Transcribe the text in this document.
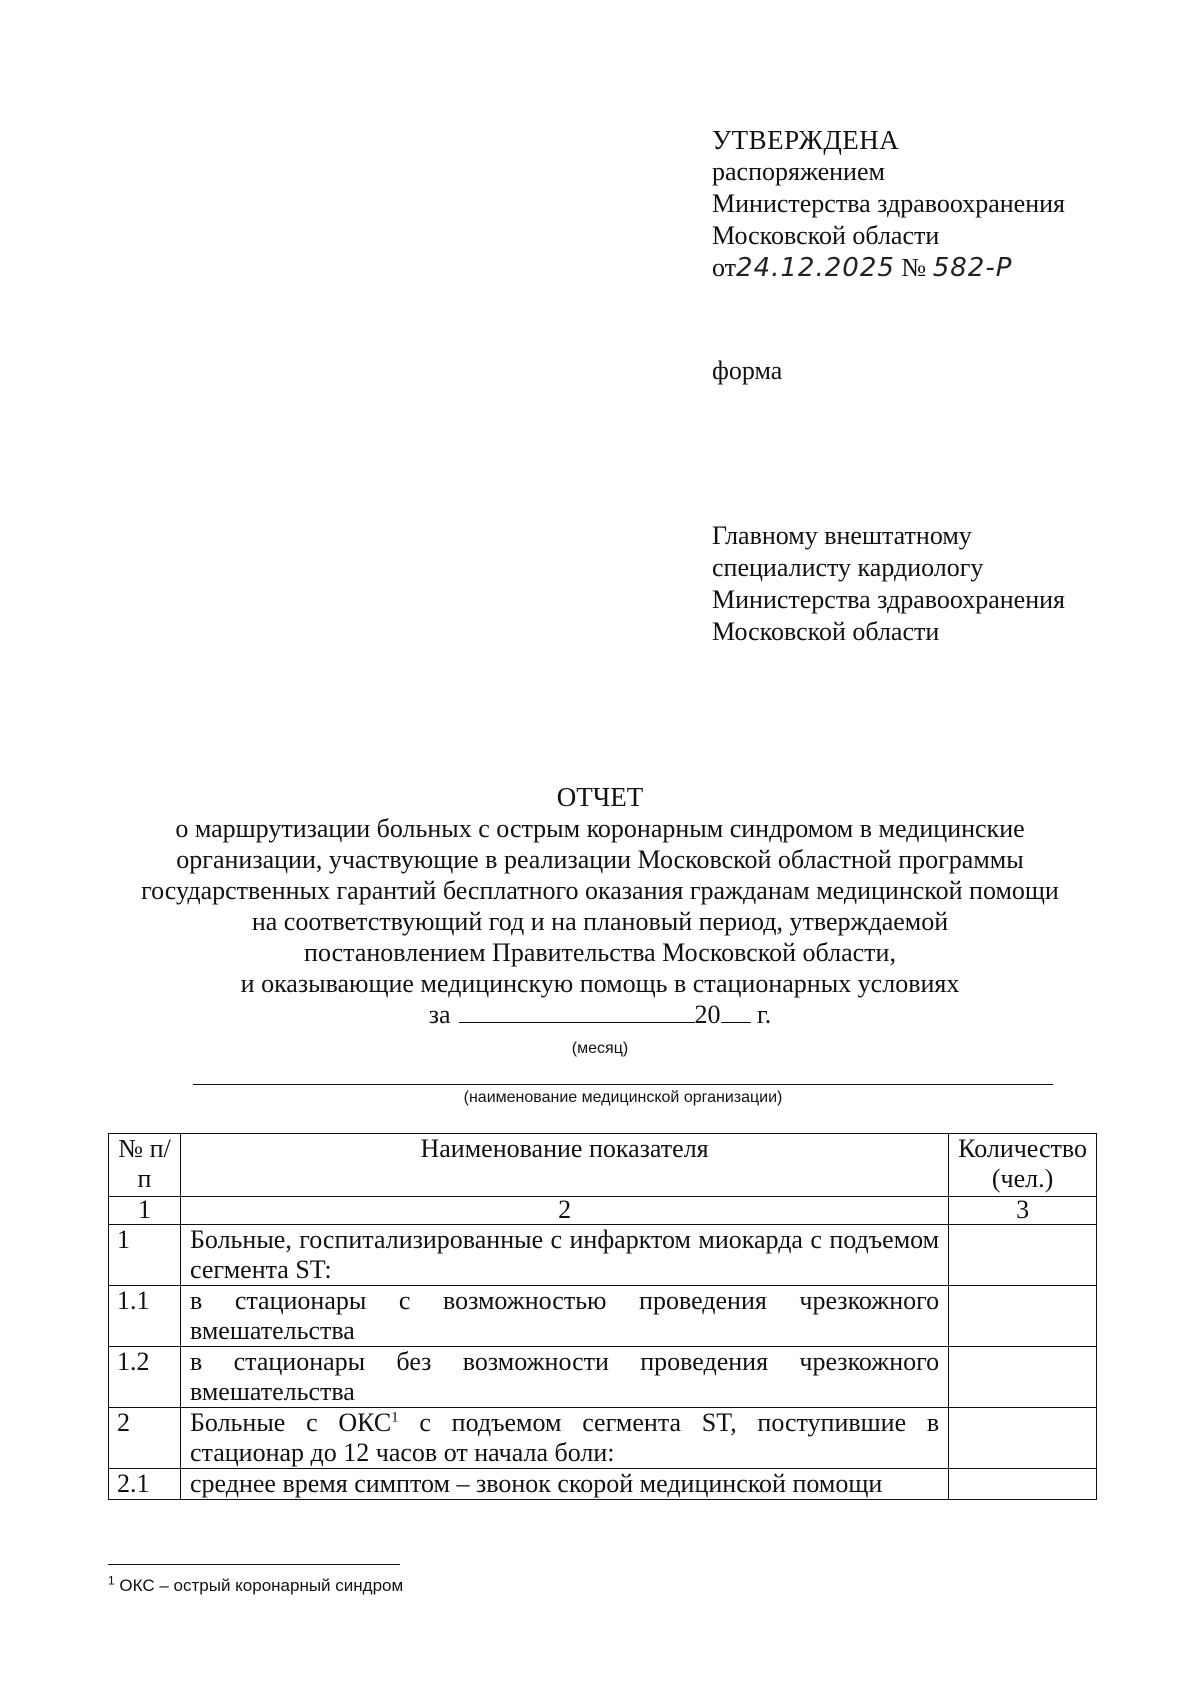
УТВЕРЖДЕНА
распоряжением
Министерства здравоохранения
Московской области
от24.12.2025 № 582-Р
форма
Главному внештатному
специалисту кардиологу
Министерства здравоохранения
Московской области
ОТЧЕТ
о маршрутизации больных с острым коронарным синдромом в медицинские
организации, участвующие в реализации Московской областной программы
государственных гарантий бесплатного оказания гражданам медицинской помощи
на соответствующий год и на плановый период, утверждаемой
постановлением Правительства Московской области,
и оказывающие медицинскую помощь в стационарных условиях
за	20 г.
(месяц)
(наименование медицинской организации)
№ п/п	Наименование показателя	Количество (чел.)
1	2	3
1	Больные, госпитализированные с инфарктом миокарда с подъемом сегмента ST:	
1.1	в стационары с возможностью проведения чрезкожного вмешательства	
1.2	в стационары без возможности проведения чрезкожного вмешательства	
2	Больные с ОКС$^1$ с подъемом сегмента ST, поступившие в стационар до 12 часов от начала боли:	
2.1	среднее время симптом – звонок скорой медицинской помощи	
$^1$ ОКС – острый коронарный синдром
